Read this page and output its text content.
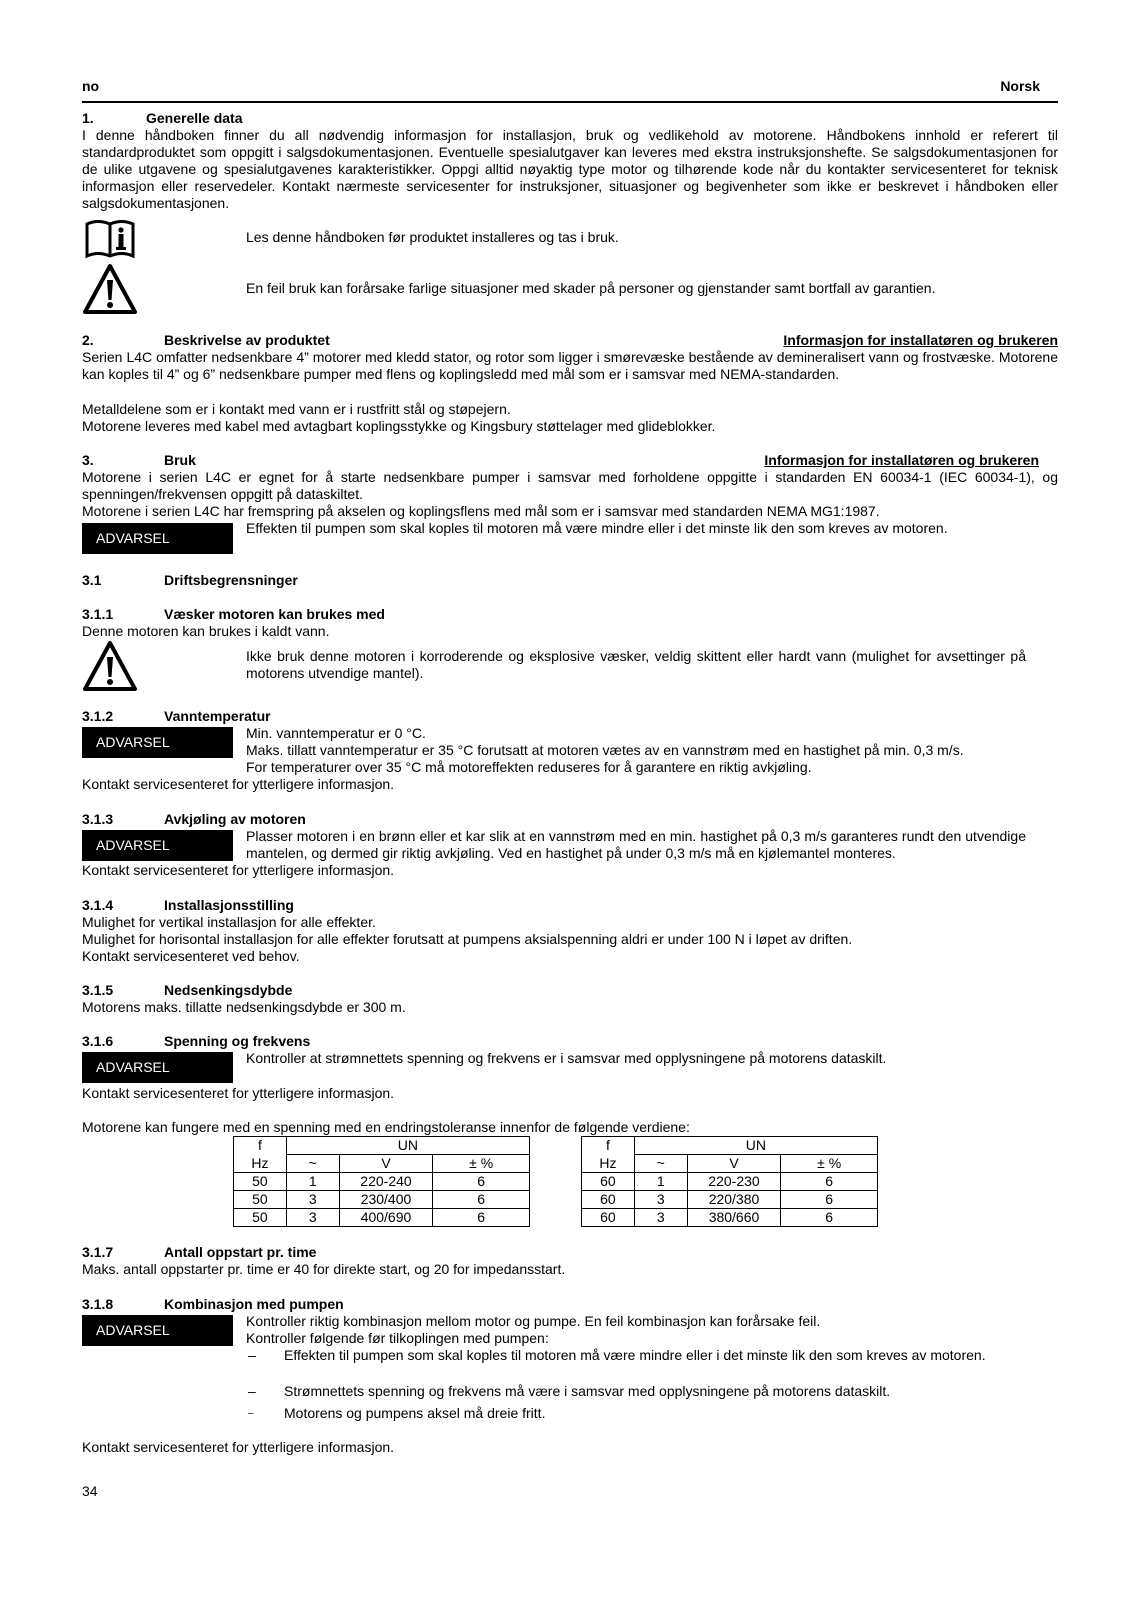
no	Norsk
1.	Generelle data
I denne håndboken finner du all nødvendig informasjon for installasjon, bruk og vedlikehold av motorene. Håndbokens innhold er referert til standardproduktet som oppgitt i salgsdokumentasjonen. Eventuelle spesialutgaver kan leveres med ekstra instruksjonshefte. Se salgsdokumentasjonen for de ulike utgavene og spesialutgavenes karakteristikker. Oppgi alltid nøyaktig type motor og tilhørende kode når du kontakter servicesenteret for teknisk informasjon eller reservedeler. Kontakt nærmeste servicesenter for instruksjoner, situasjoner og begivenheter som ikke er beskrevet i håndboken eller salgsdokumentasjonen.
Les denne håndboken før produktet installeres og tas i bruk.
En feil bruk kan forårsake farlige situasjoner med skader på personer og gjenstander samt bortfall av garantien.
2.	Beskrivelse av produktet	Informasjon for installatøren og brukeren
Serien L4C omfatter nedsenkbare 4” motorer med kledd stator, og rotor som ligger i smørevæske bestående av demineralisert vann og frostvæske. Motorene kan koples til 4” og 6” nedsenkbare pumper med flens og koplingsledd med mål som er i samsvar med NEMA-standarden.
Metalldelene som er i kontakt med vann er i rustfritt stål og støpejern.
Motorene leveres med kabel med avtagbart koplingsstykke og Kingsbury støttelager med glideblokker.
3.	Bruk	Informasjon for installatøren og brukeren
Motorene i serien L4C er egnet for å starte nedsenkbare pumper i samsvar med forholdene oppgitte i standarden EN 60034-1 (IEC 60034-1), og spenningen/frekvensen oppgitt på dataskiltet.
Motorene i serien L4C har fremspring på akselen og koplingsflens med mål som er i samsvar med standarden NEMA MG1:1987.
ADVARSEL
Effekten til pumpen som skal koples til motoren må være mindre eller i det minste lik den som kreves av motoren.
3.1	Driftsbegrensninger
3.1.1	Væsker motoren kan brukes med
Denne motoren kan brukes i kaldt vann.
Ikke bruk denne motoren i korroderende og eksplosive væsker, veldig skittent eller hardt vann (mulighet for avsettinger på motorens utvendige mantel).
3.1.2	Vanntemperatur
ADVARSEL
Min. vanntemperatur er 0 °C.
Maks. tillatt vanntemperatur er 35 °C forutsatt at motoren vætes av en vannstrøm med en hastighet på min. 0,3 m/s.
For temperaturer over 35 °C må motoreffekten reduseres for å garantere en riktig avkjøling.
Kontakt servicesenteret for ytterligere informasjon.
3.1.3	Avkjøling av motoren
ADVARSEL
Plasser motoren i en brønn eller et kar slik at en vannstrøm med en min. hastighet på 0,3 m/s garanteres rundt den utvendige mantelen, og dermed gir riktig avkjøling. Ved en hastighet på under 0,3 m/s må en kjølemantel monteres.
Kontakt servicesenteret for ytterligere informasjon.
3.1.4	Installasjonsstilling
Mulighet for vertikal installasjon for alle effekter.
Mulighet for horisontal installasjon for alle effekter forutsatt at pumpens aksialspenning aldri er under 100 N i løpet av driften.
Kontakt servicesenteret ved behov.
3.1.5	Nedsenkingsdybde
Motorens maks. tillatte nedsenkingsdybde er 300 m.
3.1.6	Spenning og frekvens
ADVARSEL
Kontroller at strømnettets spenning og frekvens er i samsvar med opplysningene på motorens dataskilt.
Kontakt servicesenteret for ytterligere informasjon.
Motorene kan fungere med en spenning med en endringstoleranse innenfor de følgende verdiene:
f	UN		
Hz	~	V	± %
50	1	220-240	6
50	3	230/400	6
50	3	400/690	6
f	UN		
Hz	~	V	± %
60	1	220-230	6
60	3	220/380	6
60	3	380/660	6
3.1.7	Antall oppstart pr. time
Maks. antall oppstarter pr. time er 40 for direkte start, og 20 for impedansstart.
3.1.8	Kombinasjon med pumpen
ADVARSEL
Kontroller riktig kombinasjon mellom motor og pumpe. En feil kombinasjon kan forårsake feil.
Kontroller følgende før tilkoplingen med pumpen:
– Effekten til pumpen som skal koples til motoren må være mindre eller i det minste lik den som kreves av motoren.
– Strømnettets spenning og frekvens må være i samsvar med opplysningene på motorens dataskilt.
– Motorens og pumpens aksel må dreie fritt.
Kontakt servicesenteret for ytterligere informasjon.
34
